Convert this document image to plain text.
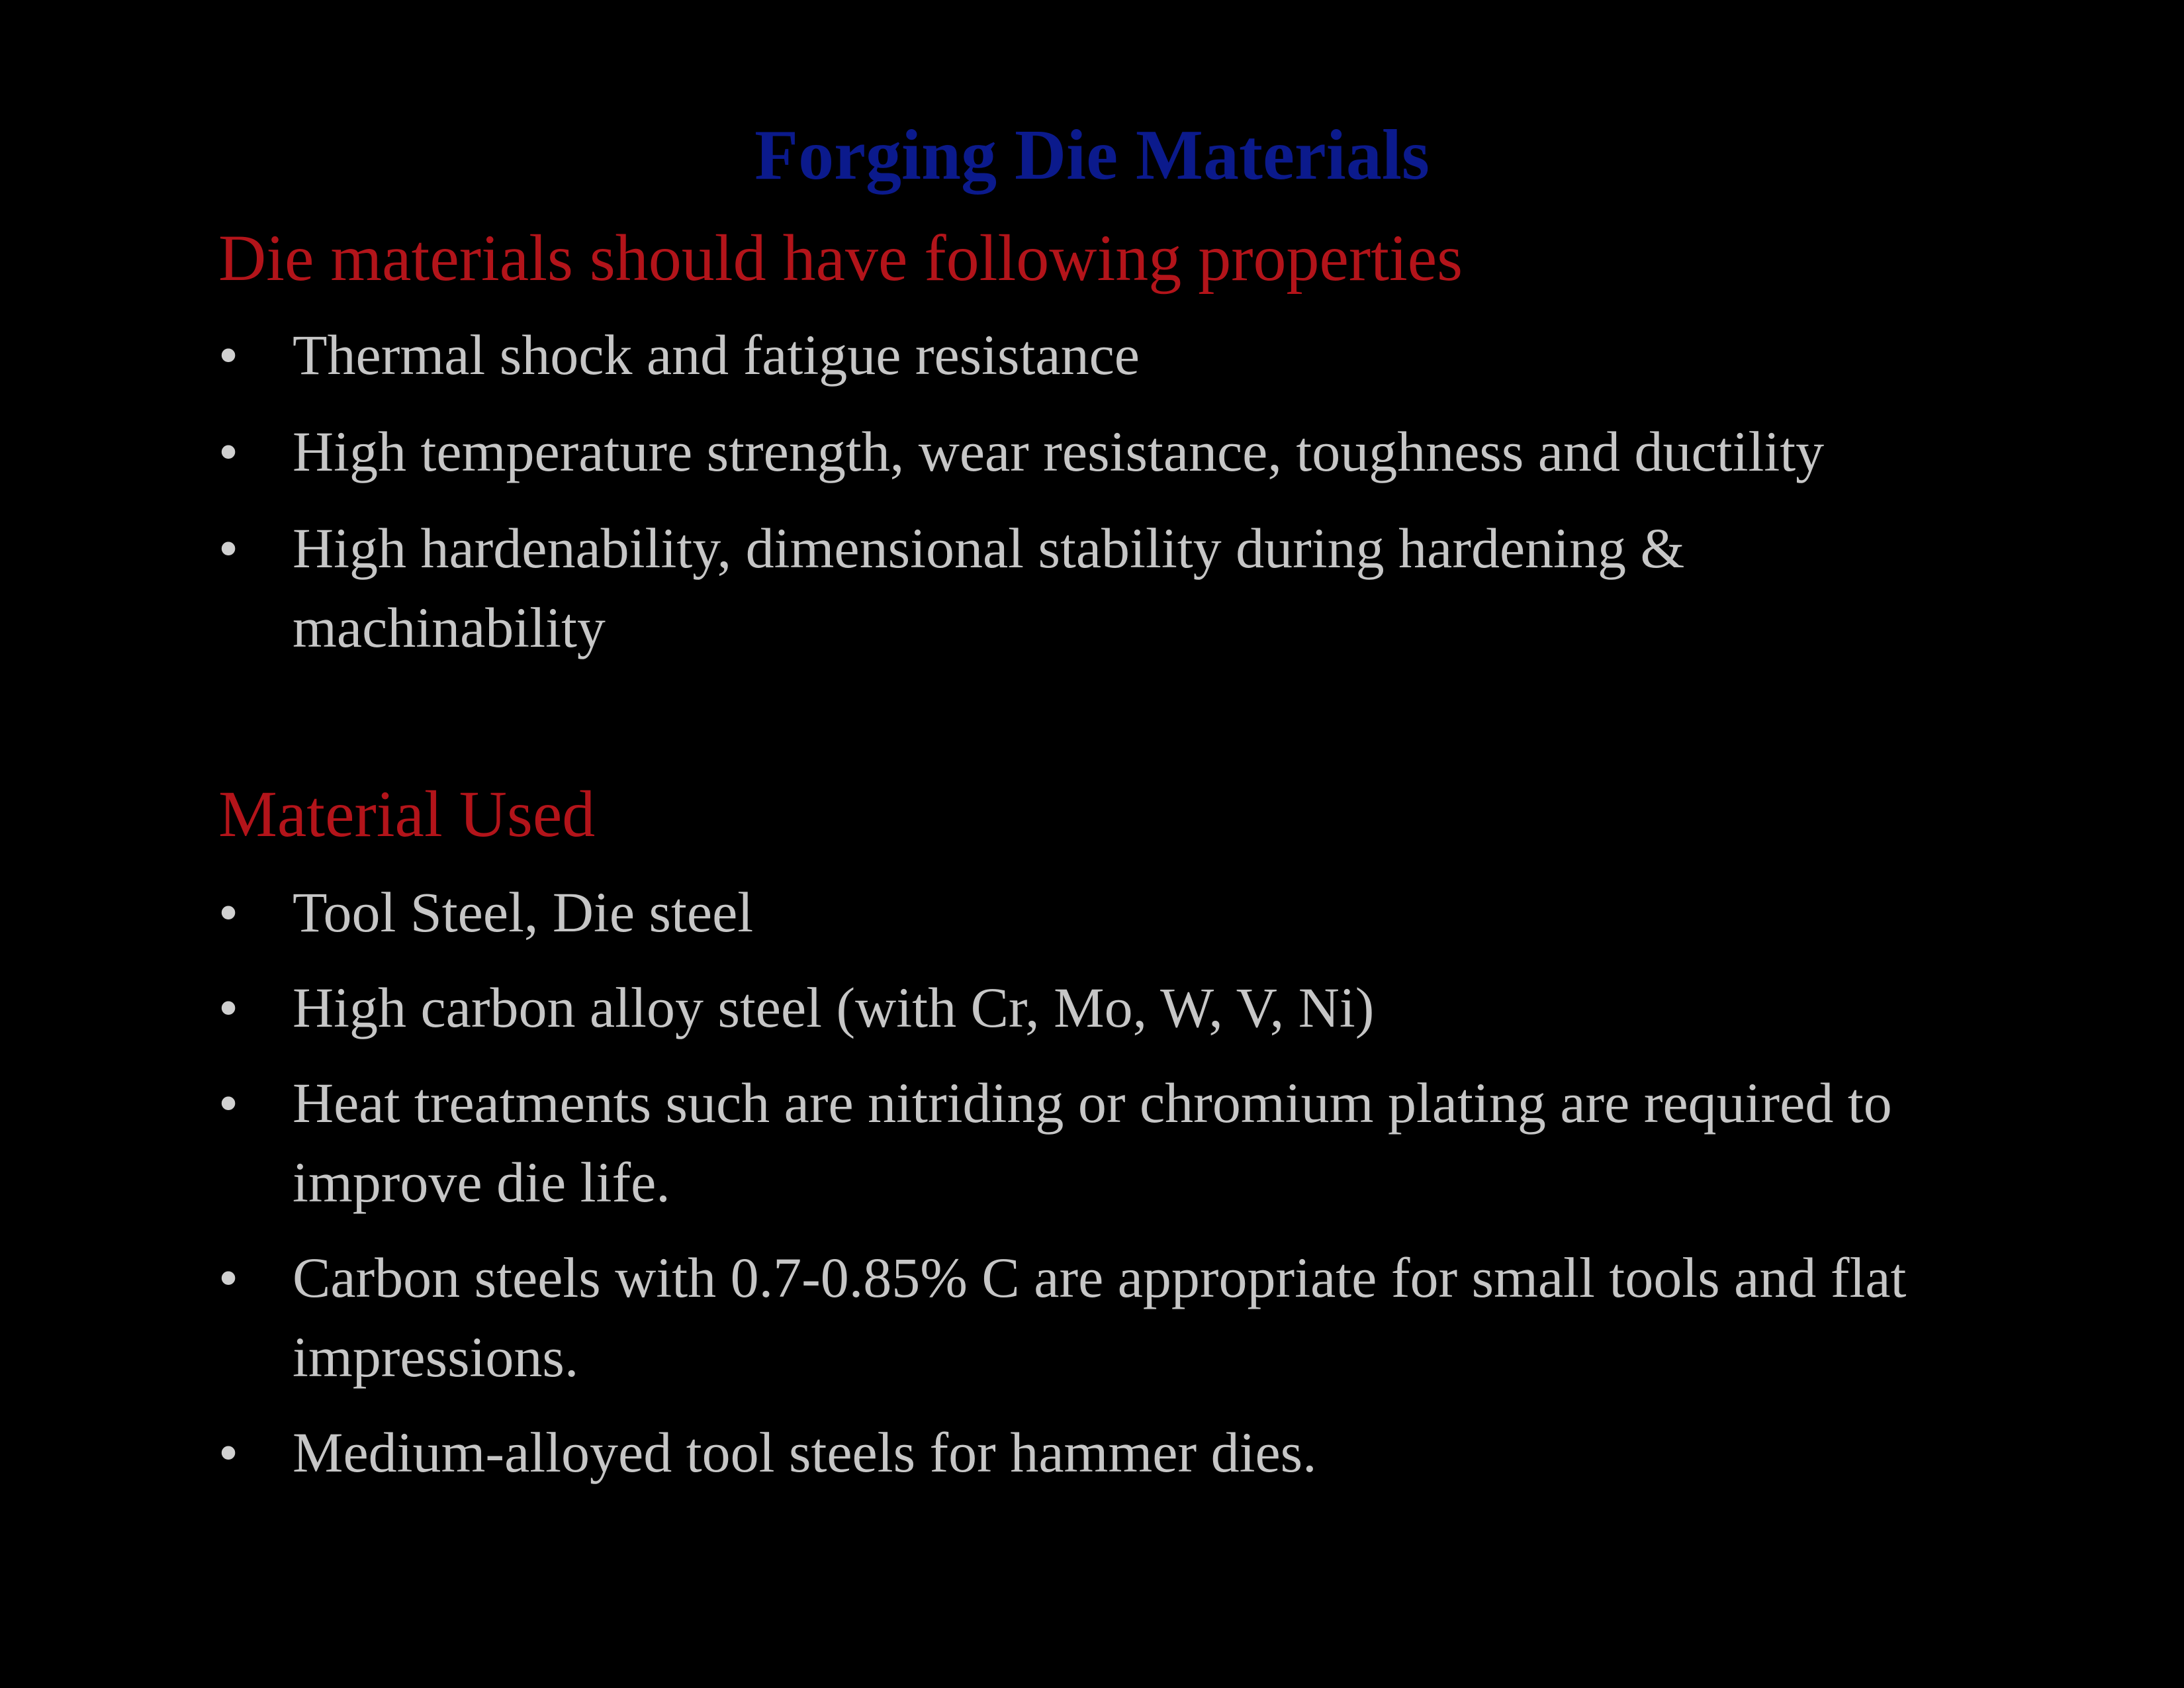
Forging Die Materials
Die materials should have following properties
• Thermal shock and fatigue resistance
• High temperature strength, wear resistance, toughness and ductility
• High hardenability, dimensional stability during hardening & machinability
Material Used
• Tool Steel, Die steel
• High carbon alloy steel (with Cr, Mo, W, V, Ni)
• Heat treatments such are nitriding or chromium plating are required to improve die life.
• Carbon steels with 0.7-0.85% C are appropriate for small tools and flat impressions.
• Medium-alloyed tool steels for hammer dies.
